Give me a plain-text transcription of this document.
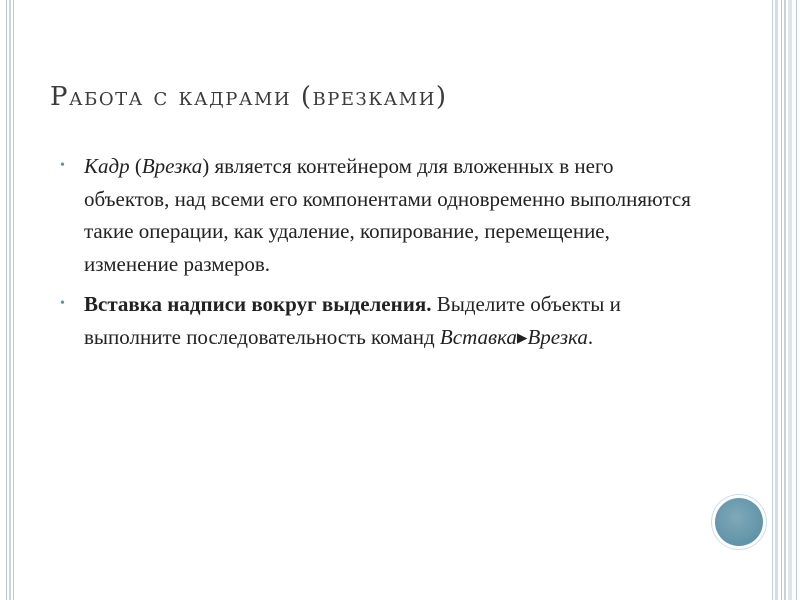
Работа с кадрами (врезками)
• Кадр (Врезка) является контейнером для вложенных в него объектов, над всеми его компонентами одновременно выполняются такие операции, как удаление, копирование, перемещение, изменение размеров.
• Вставка надписи вокруг выделения. Выделите объекты и выполните последовательность команд Вставка▸Врезка.
